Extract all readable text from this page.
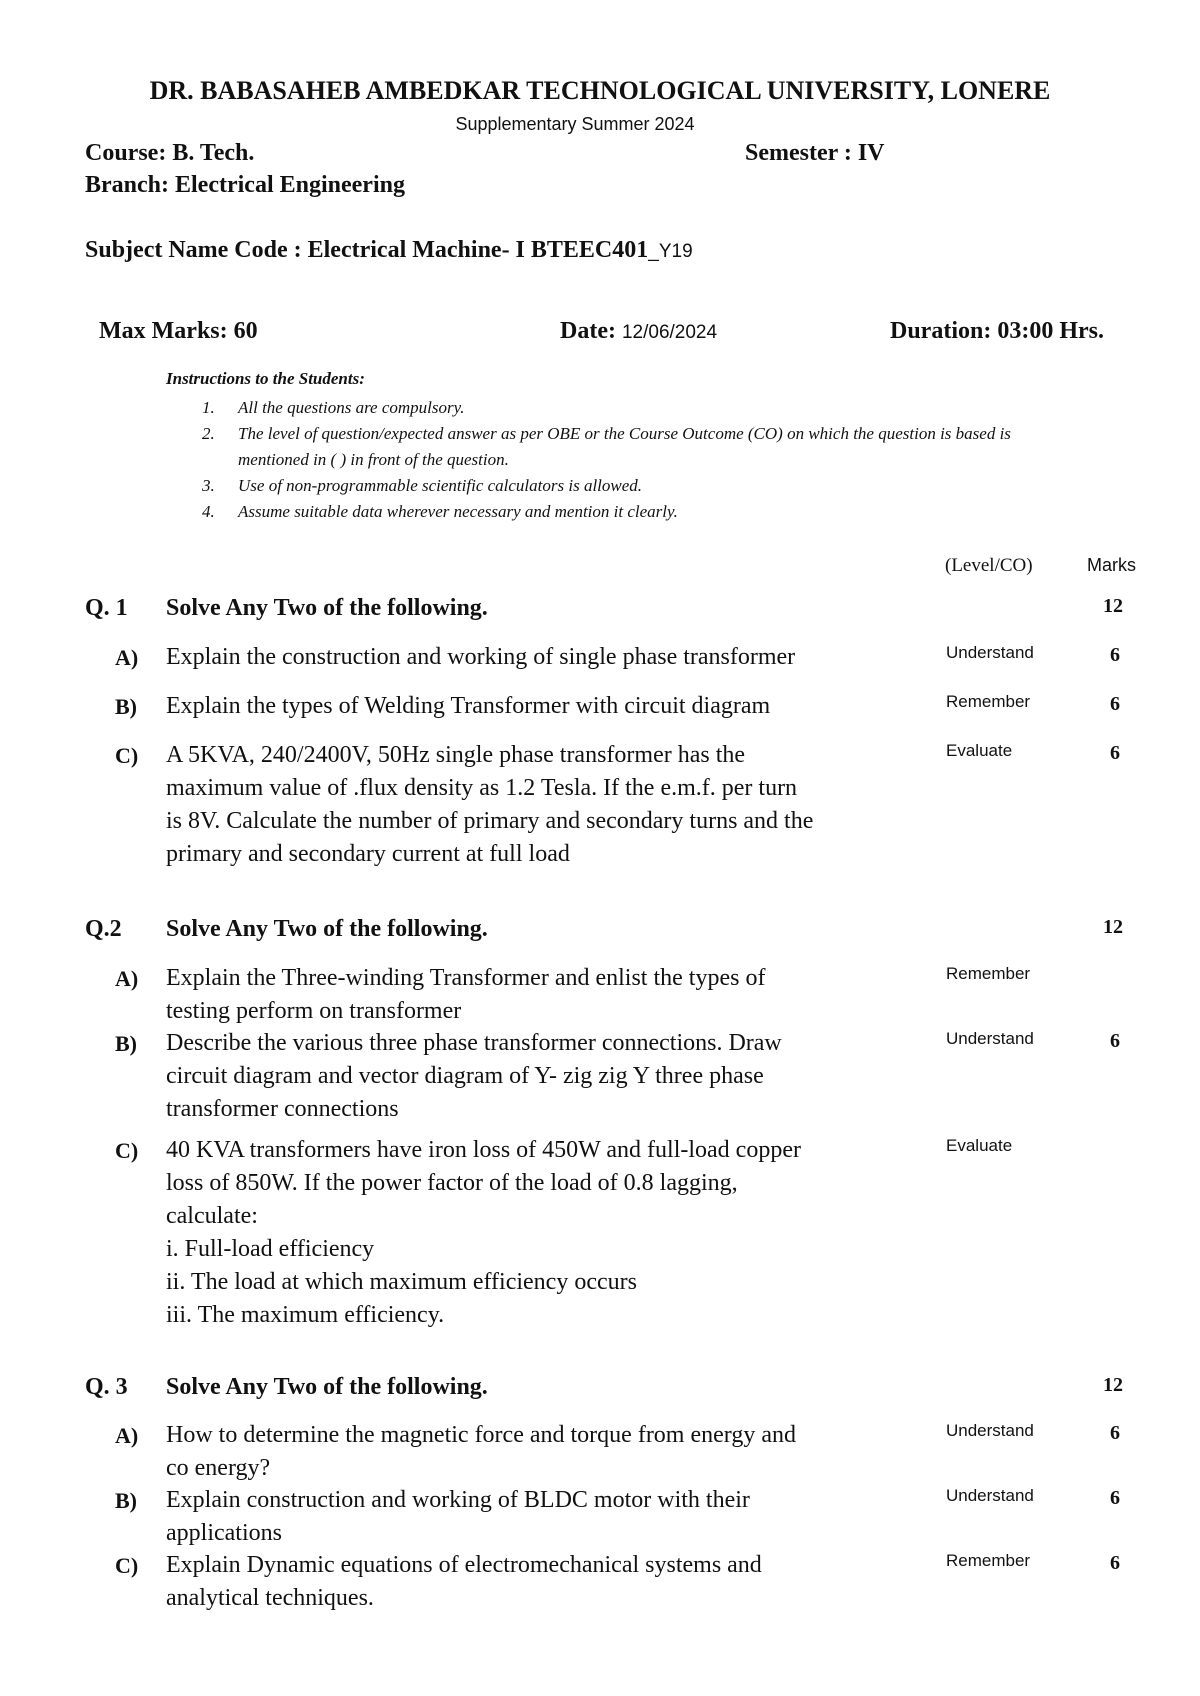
DR. BABASAHEB AMBEDKAR TECHNOLOGICAL UNIVERSITY, LONERE
Supplementary Summer 2024
Course: B. Tech.	Semester : IV
Branch: Electrical Engineering
Subject Name Code : Electrical Machine- I BTEEC401_Y19
Max Marks: 60	Date: 12/06/2024	Duration: 03:00 Hrs.
Instructions to the Students:
1. All the questions are compulsory.
2. The level of question/expected answer as per OBE or the Course Outcome (CO) on which the question is based is mentioned in ( ) in front of the question.
3. Use of non-programmable scientific calculators is allowed.
4. Assume suitable data wherever necessary and mention it clearly.
(Level/CO)	Marks
Q. 1 Solve Any Two of the following.	12
A) Explain the construction and working of single phase transformer	Understand	6
B) Explain the types of Welding Transformer with circuit diagram	Remember	6
C) A 5KVA, 240/2400V, 50Hz single phase transformer has the
maximum value of .flux density as 1.2 Tesla. If the e.m.f. per turn
is 8V. Calculate the number of primary and secondary turns and the
primary and secondary current at full load
Evaluate	6
Q.2 Solve Any Two of the following.	12
A) Explain the Three-winding Transformer and enlist the types of
testing perform on transformer
Remember
B) Describe the various three phase transformer connections. Draw
circuit diagram and vector diagram of Y- zig zig Y three phase
transformer connections
Understand	6
C) 40 KVA transformers have iron loss of 450W and full-load copper
loss of 850W. If the power factor of the load of 0.8 lagging,
calculate:
i. Full-load efficiency
ii. The load at which maximum efficiency occurs
iii. The maximum efficiency.
Evaluate
Q. 3 Solve Any Two of the following.	12
A) How to determine the magnetic force and torque from energy and
co energy?
Understand	6
B) Explain construction and working of BLDC motor with their
applications
Understand	6
C) Explain Dynamic equations of electromechanical systems and
analytical techniques.
Remember	6
